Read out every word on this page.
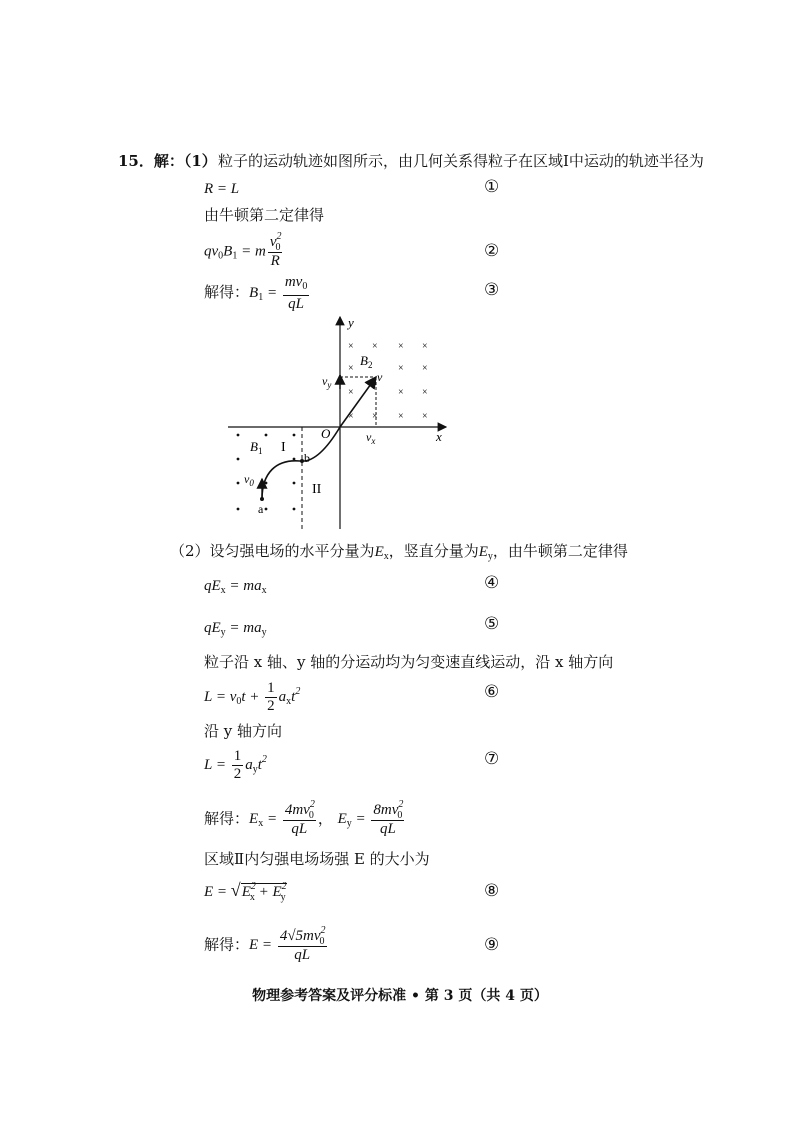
15．解：（1） 粒子的运动轨迹如图所示，由几何关系得粒子在区域Ⅰ中运动的轨迹半径为
R = L	①
由牛顿第二定律得
$qv_0B_1 = m \frac{v^2_0}{R}$	②
解得：$B_1 = \frac{mv_0}{qL}$	③
y
x
O
$B_1$ I
II
× × × ×
×	× ×
× ×
× × × ×
×
$B_2$
$v_y$
v
$v_x$
$v_0$
a
b
（2）设匀强电场的水平分量为$E_x$，竖直分量为$E_y$，由牛顿第二定律得
$qE_x = ma_x$	④
$qE_y = ma_y$	⑤
粒子沿 x 轴、y 轴的分运动均为匀变速直线运动，沿 x 轴方向
$L = v_0t + \frac{1}{2} a_xt^2$	⑥
沿 y 轴方向
$L = \frac{1}{2} a_yt^2$	⑦
解得：$E_x = \frac{4mv^2_0}{qL}$ ， $E_y = \frac{8mv^2_0}{qL}$
区域Ⅱ内匀强电场场强 E 的大小为
$E = √E^2_x + E^2_y$	⑧
解得：$E = \frac{4√5mv^2_0}{qL}$	⑨
物理参考答案及评分标准 • 第 3 页（共 4 页）
